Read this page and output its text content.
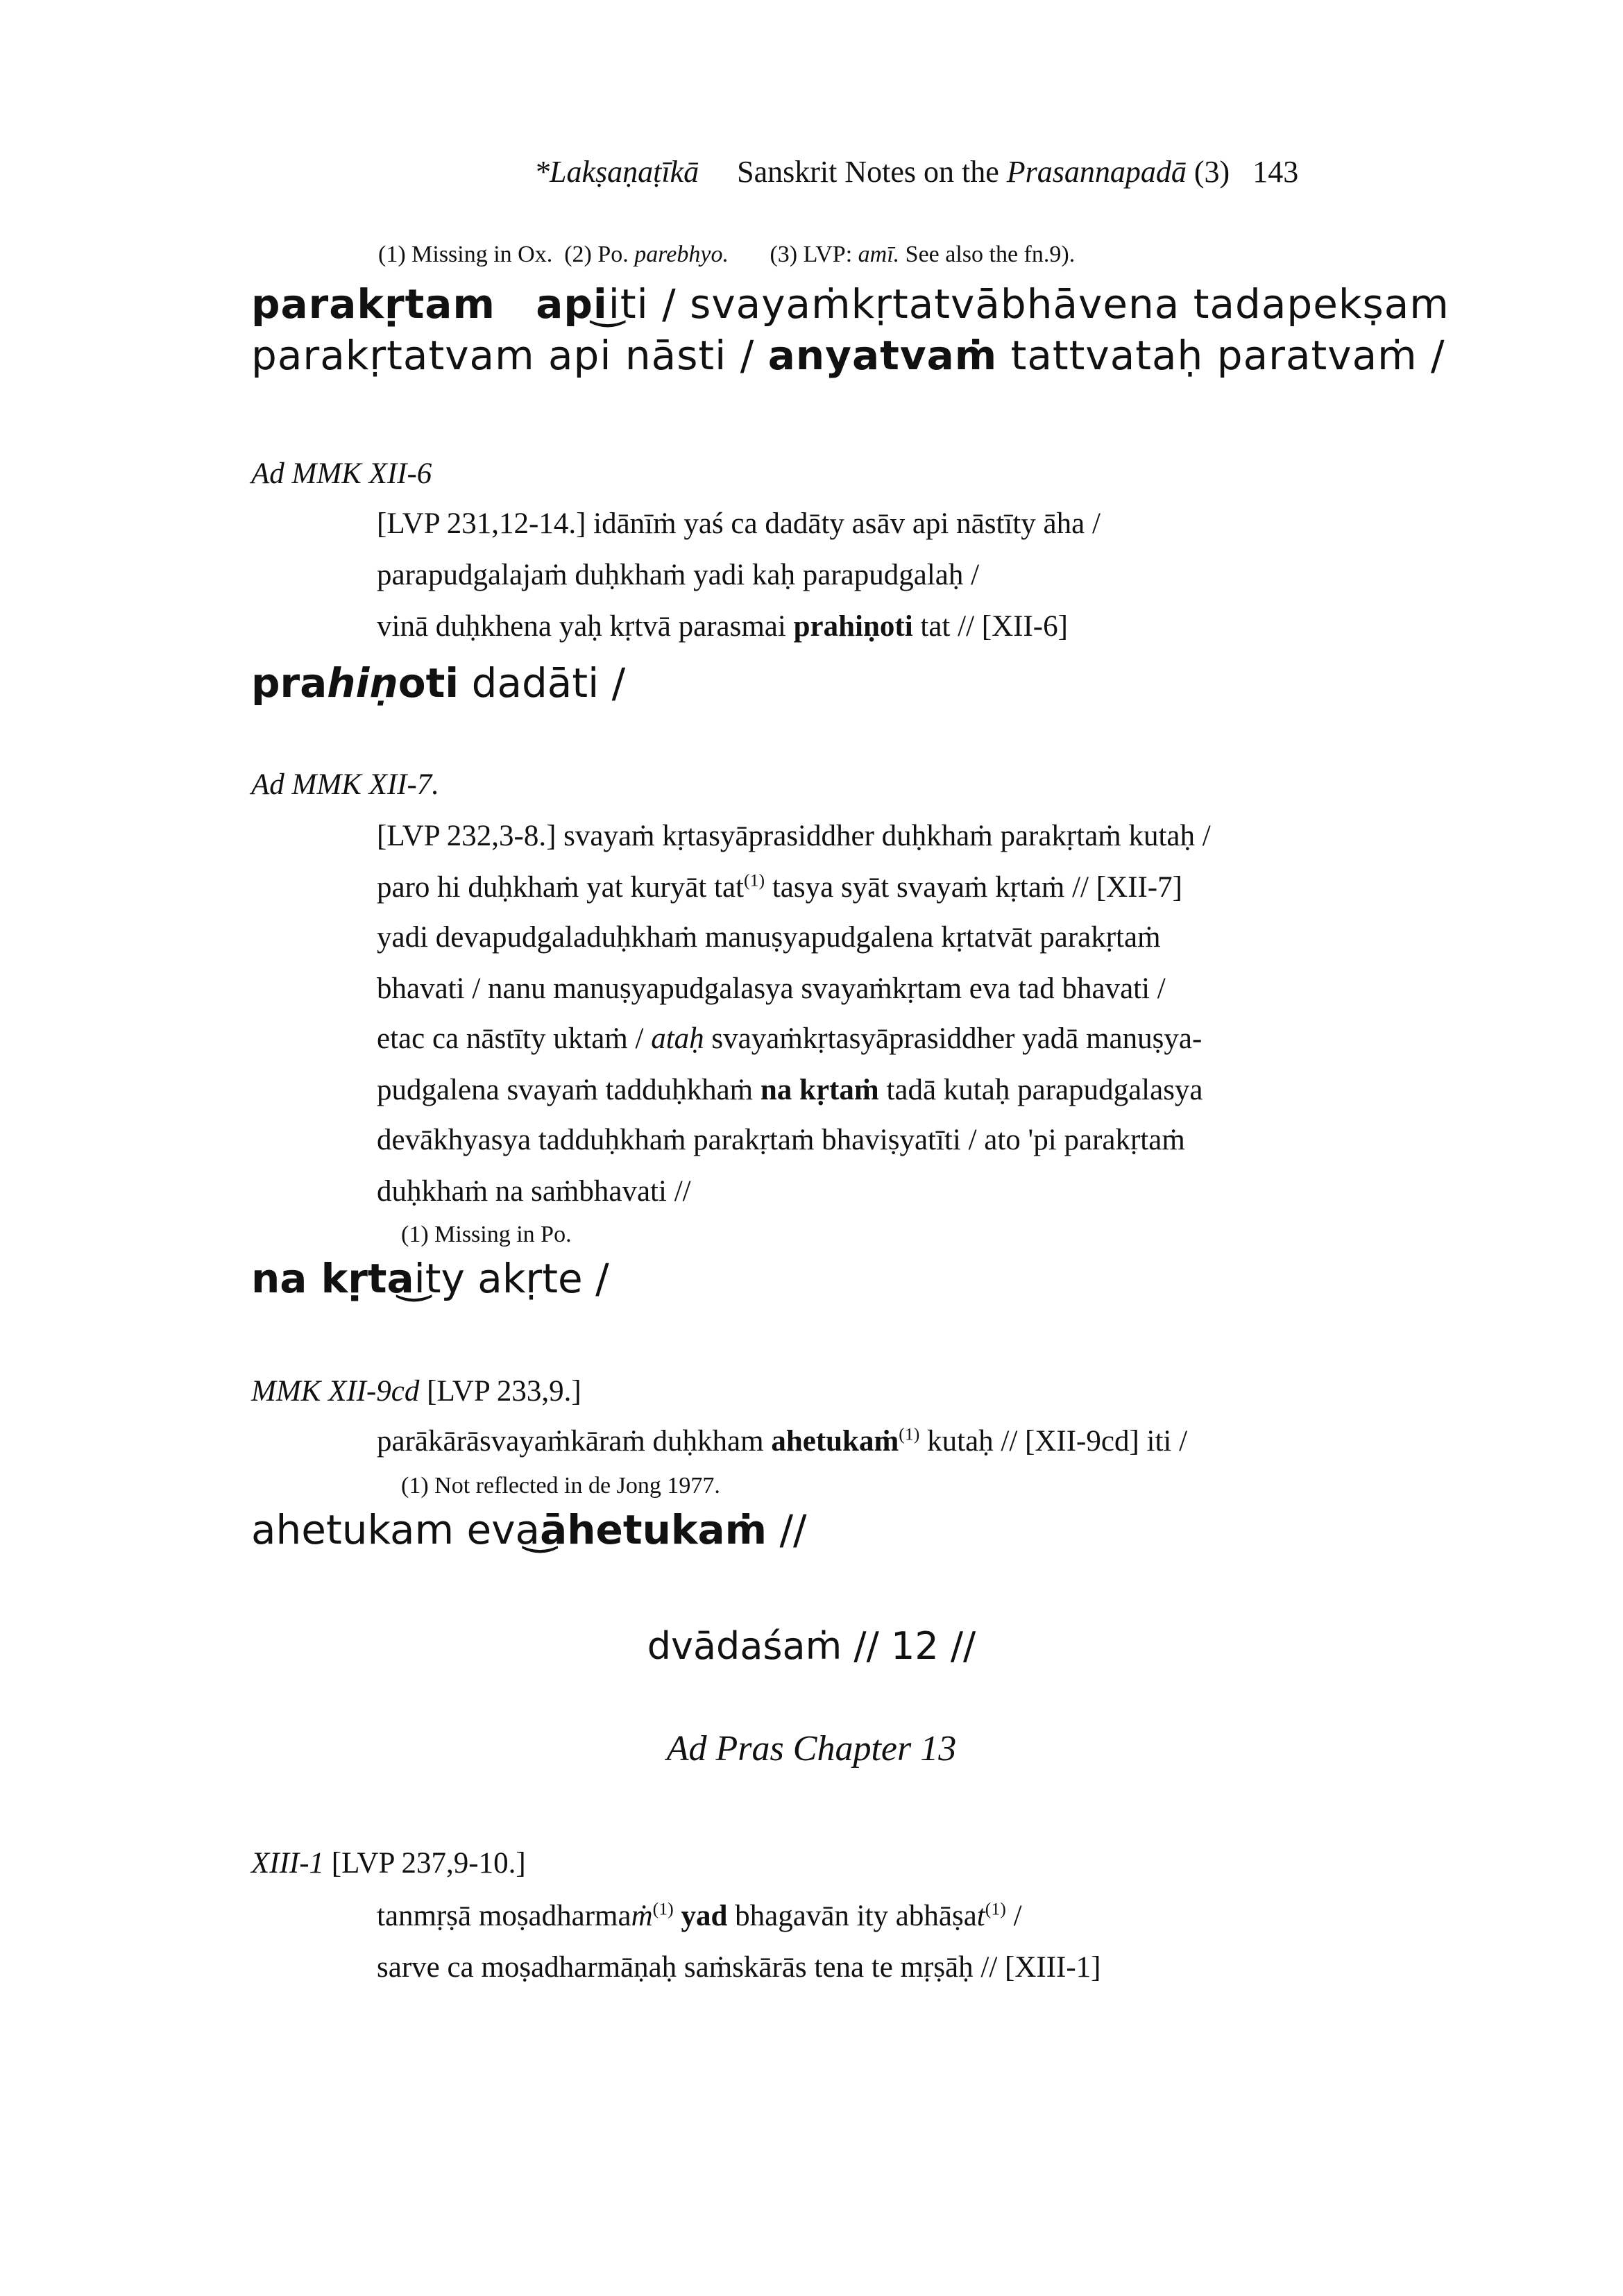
*Lakṣaṇaṭīkā Sanskrit Notes on the Prasannapadā (3) 143
(1) Missing in Ox. (2) Po. parebhyo. (3) LVP: amī. See also the fn.9).
parakṛtam api͜iti / svayaṁkṛtatvābhāvena tadapekṣam
parakṛtatvam api nāsti / anyatvaṁ tattvataḥ paratvaṁ /
Ad MMK XII-6
[LVP 231,12-14.] idānīṁ yaś ca dadāty asāv api nāstīty āha /
parapudgalajaṁ duḥkhaṁ yadi kaḥ parapudgalaḥ /
vinā duḥkhena yaḥ kṛtvā parasmai prahiṇoti tat // [XII-6]
prahiṇoti dadāti /
Ad MMK XII-7.
[LVP 232,3-8.] svayaṁ kṛtasyāprasiddher duḥkhaṁ parakṛtaṁ kutaḥ /
paro hi duḥkhaṁ yat kuryāt tat$^{(1)}$ tasya syāt svayaṁ kṛtaṁ // [XII-7]
yadi devapudgaladuḥkhaṁ manuṣyapudgalena kṛtatvāt parakṛtaṁ
bhavati / nanu manuṣyapudgalasya svayaṁkṛtam eva tad bhavati /
etac ca nāstīty uktaṁ / ataḥ svayaṁkṛtasyāprasiddher yadā manuṣya-
pudgalena svayaṁ tadduḥkhaṁ na kṛtaṁ tadā kutaḥ parapudgalasya
devākhyasya tadduḥkhaṁ parakṛtaṁ bhaviṣyatīti / ato 'pi parakṛtaṁ
duḥkhaṁ na saṁbhavati //
(1) Missing in Po.
na kṛtaity akṛte /
MMK XII-9cd [LVP 233,9.]
parākārāsvayaṁkāraṁ duḥkham ahetukaṁ$^{(1)}$ kutaḥ // [XII-9cd] iti /
(1) Not reflected in de Jong 1977.
ahetukam evaāhetukaṁ //
dvādaśaṁ // 12 //
Ad Pras Chapter 13
XIII-1 [LVP 237,9-10.]
tanmṛṣā moṣadharmaṁ$^{(1)}$ yad bhagavān ity abhāṣat$^{(1)}$ /
sarve ca moṣadharmāṇaḥ saṁskārās tena te mṛṣāḥ // [XIII-1]
